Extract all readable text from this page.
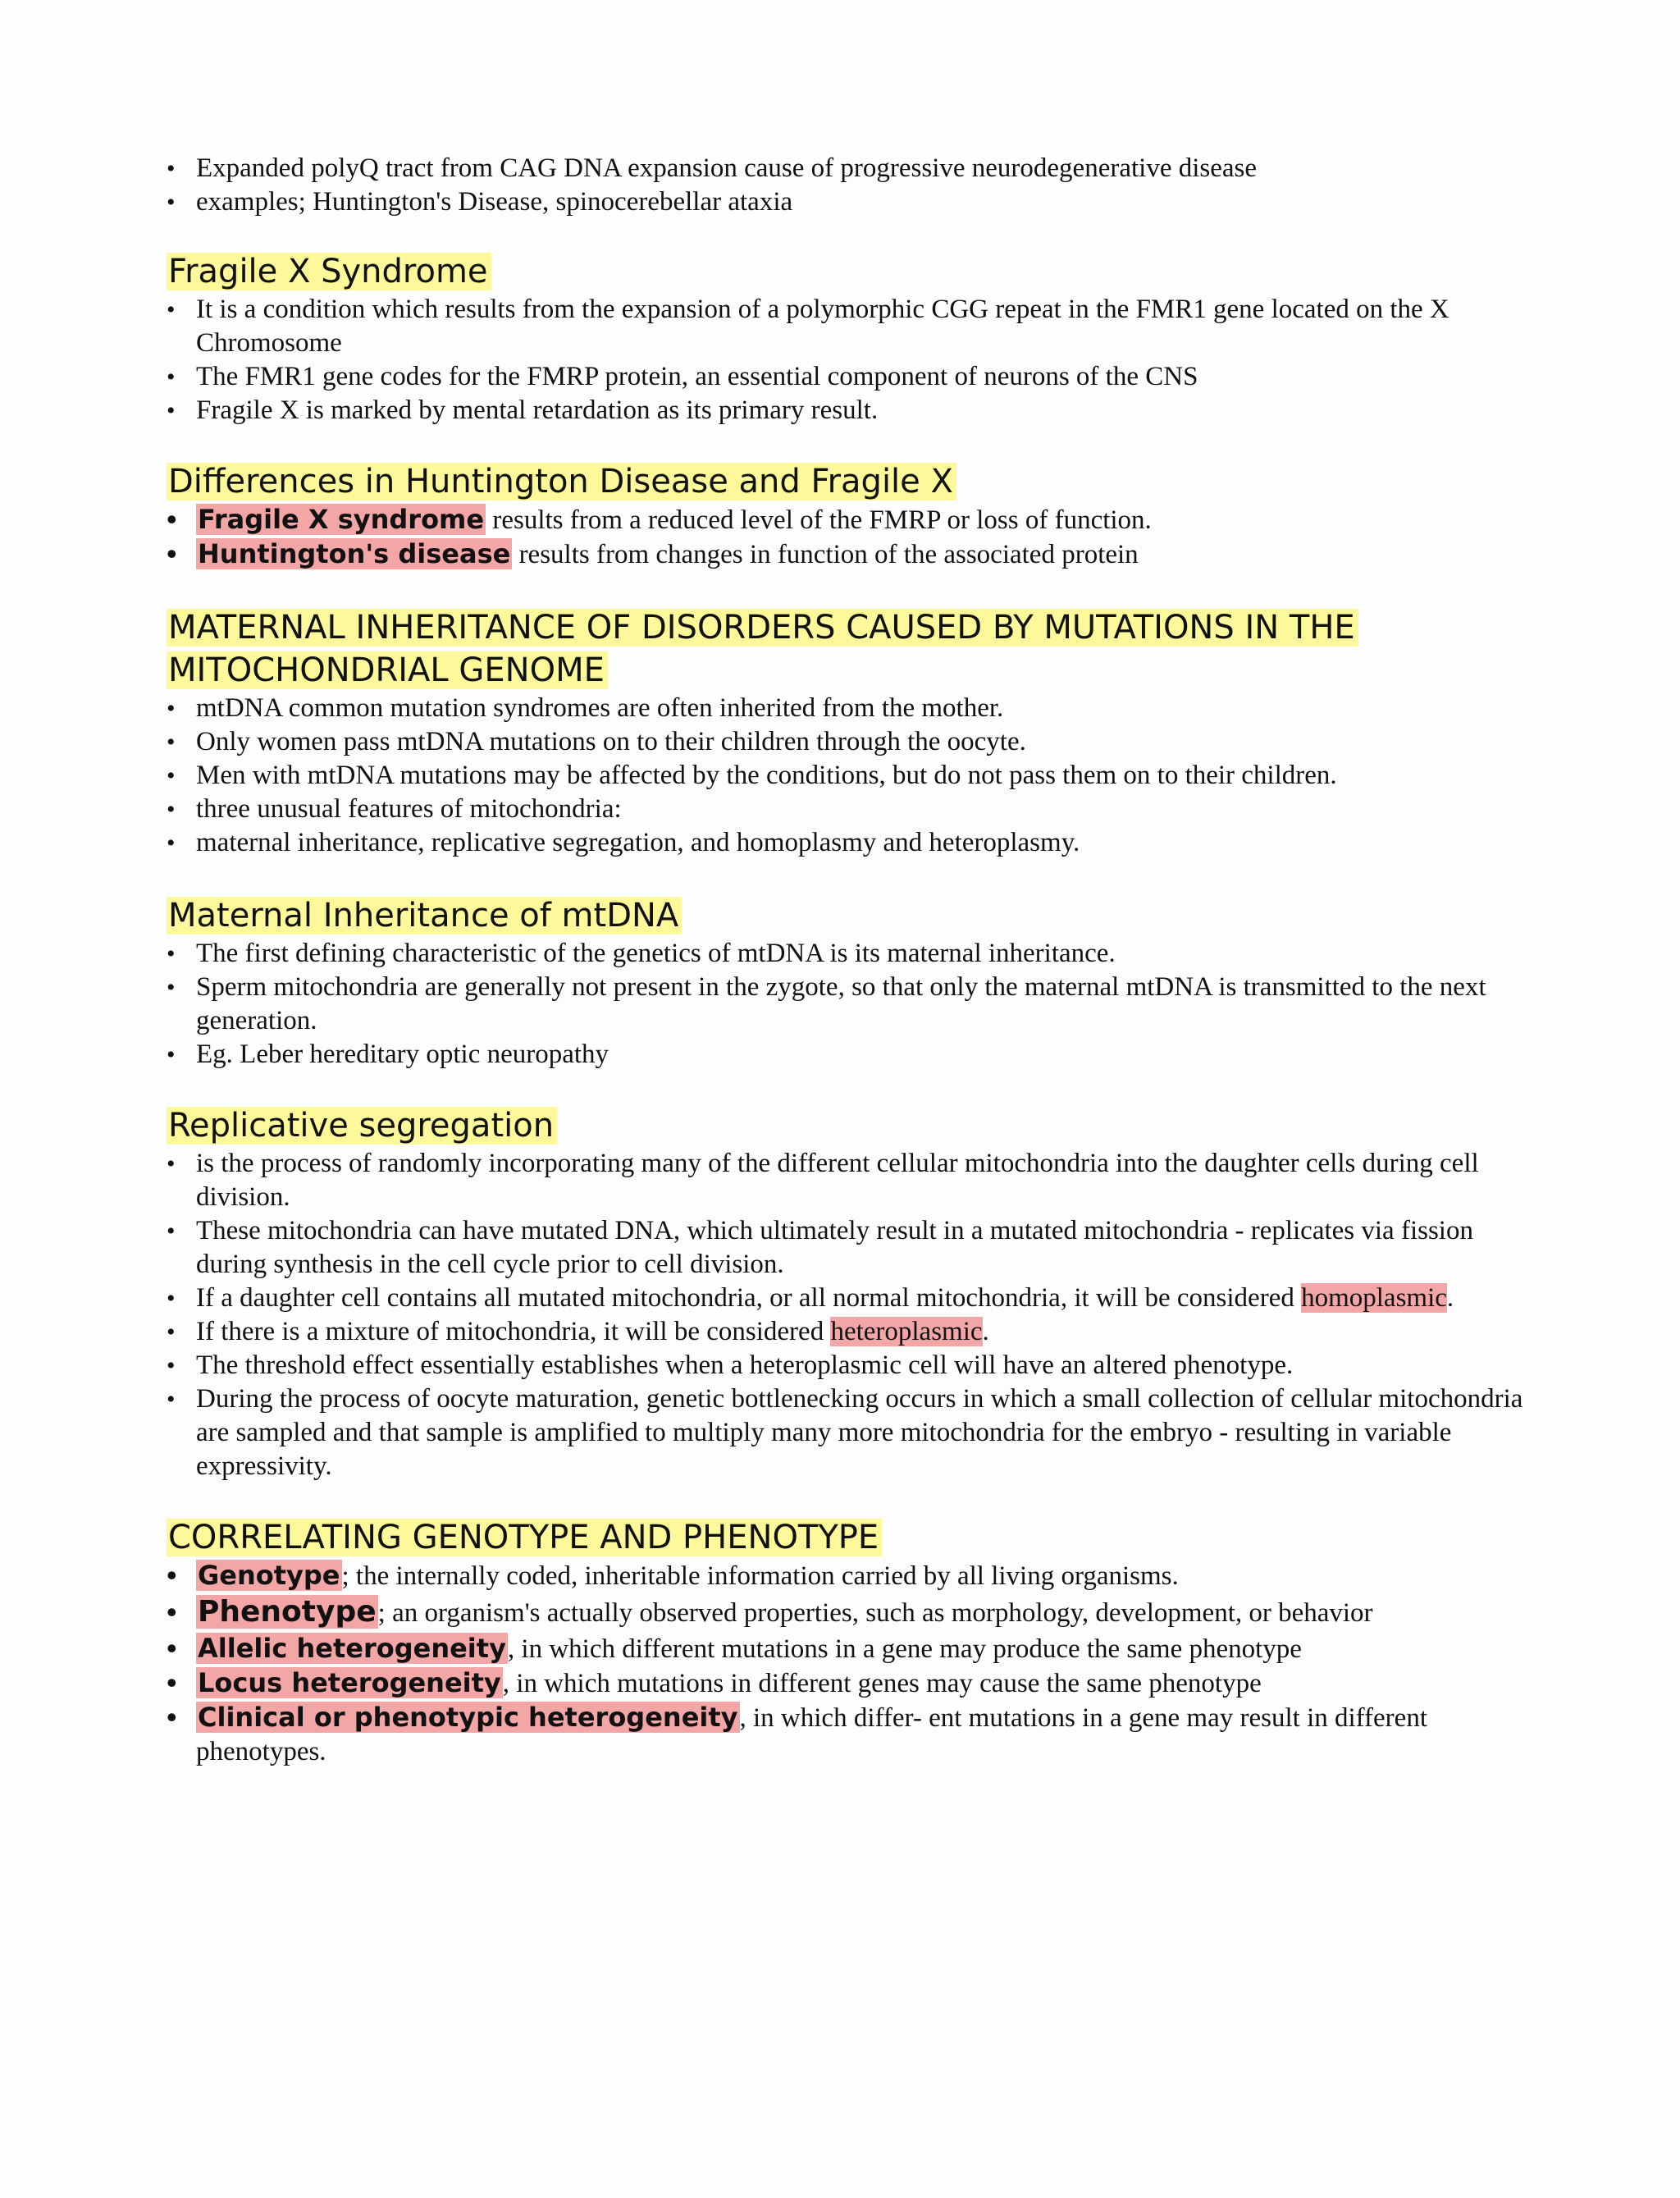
• Expanded polyQ tract from CAG DNA expansion cause of progressive neurodegenerative disease
• examples; Huntington's Disease, spinocerebellar ataxia
Fragile X Syndrome
• It is a condition which results from the expansion of a polymorphic CGG repeat in the FMR1 gene located on the X Chromosome
• The FMR1 gene codes for the FMRP protein, an essential component of neurons of the CNS
• Fragile X is marked by mental retardation as its primary result.
Differences in Huntington Disease and Fragile X
• Fragile X syndrome results from a reduced level of the FMRP or loss of function.
• Huntington's disease results from changes in function of the associated protein
MATERNAL INHERITANCE OF DISORDERS CAUSED BY MUTATIONS IN THE MITOCHONDRIAL GENOME
• mtDNA common mutation syndromes are often inherited from the mother.
• Only women pass mtDNA mutations on to their children through the oocyte.
• Men with mtDNA mutations may be affected by the conditions, but do not pass them on to their children.
• three unusual features of mitochondria:
• maternal inheritance, replicative segregation, and homoplasmy and heteroplasmy.
Maternal Inheritance of mtDNA
• The first defining characteristic of the genetics of mtDNA is its maternal inheritance.
• Sperm mitochondria are generally not present in the zygote, so that only the maternal mtDNA is transmitted to the next generation.
• Eg. Leber hereditary optic neuropathy
Replicative segregation
• is the process of randomly incorporating many of the different cellular mitochondria into the daughter cells during cell division.
• These mitochondria can have mutated DNA, which ultimately result in a mutated mitochondria - replicates via fission during synthesis in the cell cycle prior to cell division.
• If a daughter cell contains all mutated mitochondria, or all normal mitochondria, it will be considered homoplasmic.
• If there is a mixture of mitochondria, it will be considered heteroplasmic.
• The threshold effect essentially establishes when a heteroplasmic cell will have an altered phenotype.
• During the process of oocyte maturation, genetic bottlenecking occurs in which a small collection of cellular mitochondria are sampled and that sample is amplified to multiply many more mitochondria for the embryo - resulting in variable expressivity.
CORRELATING GENOTYPE AND PHENOTYPE
• Genotype; the internally coded, inheritable information carried by all living organisms.
• Phenotype; an organism's actually observed properties, such as morphology, development, or behavior
• Allelic heterogeneity, in which different mutations in a gene may produce the same phenotype
• Locus heterogeneity, in which mutations in different genes may cause the same phenotype
• Clinical or phenotypic heterogeneity, in which differ- ent mutations in a gene may result in different phenotypes.
